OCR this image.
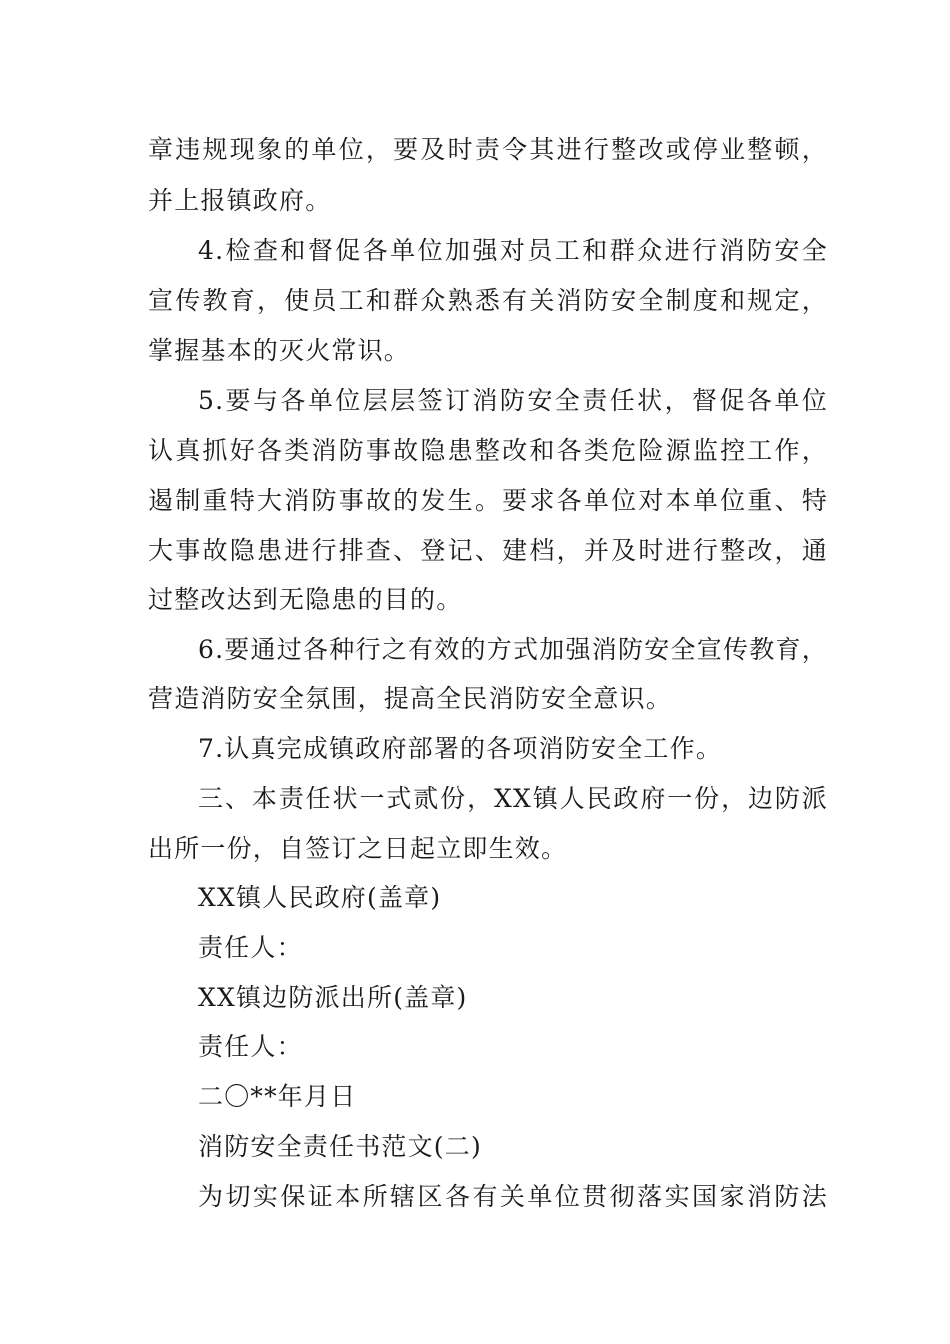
章违规现象的单位，要及时责令其进行整改或停业整顿，
并上报镇政府。
4.检查和督促各单位加强对员工和群众进行消防安全
宣传教育，使员工和群众熟悉有关消防安全制度和规定，
掌握基本的灭火常识。
5.要与各单位层层签订消防安全责任状，督促各单位
认真抓好各类消防事故隐患整改和各类危险源监控工作，
遏制重特大消防事故的发生。要求各单位对本单位重、特
大事故隐患进行排查、登记、建档，并及时进行整改，通
过整改达到无隐患的目的。
6.要通过各种行之有效的方式加强消防安全宣传教育，
营造消防安全氛围，提高全民消防安全意识。
7.认真完成镇政府部署的各项消防安全工作。
三、本责任状一式贰份，XX镇人民政府一份，边防派
出所一份，自签订之日起立即生效。
XX镇人民政府(盖章)
责任人：
XX镇边防派出所(盖章)
责任人：
二〇**年月日
消防安全责任书范文(二)
为切实保证本所辖区各有关单位贯彻落实国家消防法
